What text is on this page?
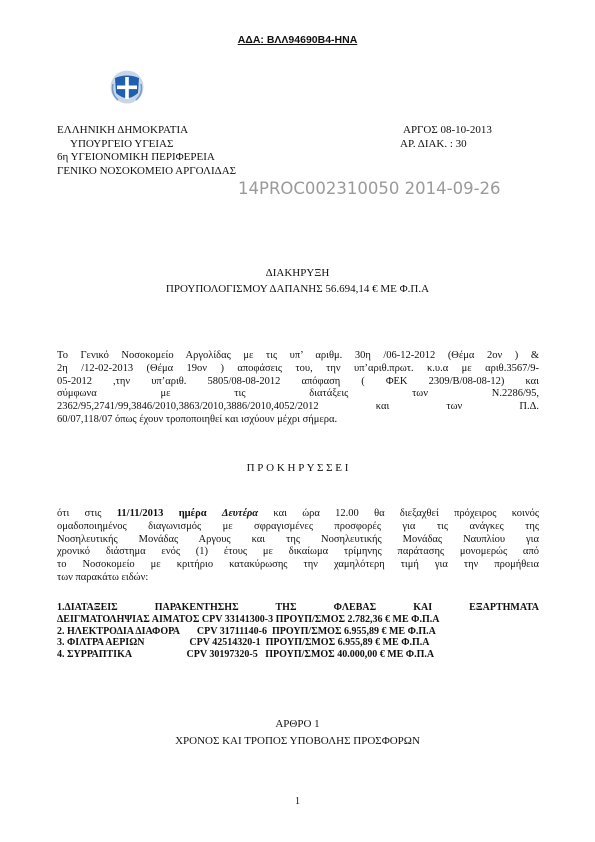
ΑΔΑ: ΒΛΛ94690Β4-ΗΝΑ
ΕΛΛΗΝΙΚΗ ΔΗΜΟΚΡΑΤΙΑ
ΥΠΟΥΡΓΕΙΟ ΥΓΕΙΑΣ
6η ΥΓΕΙΟΝΟΜΙΚΗ ΠΕΡΙΦΕΡΕΙΑ
ΓΕΝΙΚΟ ΝΟΣΟΚΟΜΕΙΟ ΑΡΓΟΛΙΔΑΣ
ΑΡΓΟΣ 08-10-2013
ΑΡ. ΔΙΑΚ. : 30
14PROC002310050 2014-09-26
ΔΙΑΚΗΡΥΞΗ
ΠΡΟΥΠΟΛΟΓΙΣΜΟΥ ΔΑΠΑΝΗΣ 56.694,14 € ΜΕ Φ.Π.Α
Το Γενικό Νοσοκομείο Αργολίδας με τις υπ’ αριθμ. 30η /06-12-2012 (Θέμα 2ον ) &
2η /12-02-2013 (Θέμα 19ον ) αποφάσεις του, την υπ’αριθ.πρωτ. κ.υ.α με αριθ.3567/9-
05-2012 ,την υπ’αριθ. 5805/08-08-2012 απόφαση ( ΦΕΚ 2309/Β/08-08-12) και
σύμφωνα με τις διατάξεις των Ν.2286/95,
2362/95,2741/99,3846/2010,3863/2010,3886/2010,4052/2012 και των Π.Δ.
60/07,118/07 όπως έχουν τροποποιηθεί και ισχύουν μέχρι σήμερα.
Π Ρ Ο Κ Η Ρ Υ Σ Σ Ε Ι
ότι στις 11/11/2013 ημέρα Δευτέρα και ώρα 12.00 θα διεξαχθεί πρόχειρος κοινός
ομαδοποιημένος διαγωνισμός με σφραγισμένες προσφορές για τις ανάγκες της
Νοσηλευτικής Μονάδας Αργους και της Νοσηλευτικής Μονάδας Ναυπλίου για
χρονικό διάστημα ενός (1) έτους με δικαίωμα τρίμηνης παράτασης μονομερώς από
το Νοσοκομείο με κριτήριο κατακύρωσης την χαμηλότερη τιμή για την προμήθεια
των παρακάτω ειδών:
1.ΔΙΑΤΑΞΕΙΣ ΠΑΡΑΚΕΝΤΗΣΗΣ ΤΗΣ ΦΛΕΒΑΣ ΚΑΙ ΕΞΑΡΤΗΜΑΤΑ
ΔΕΙΓΜΑΤΟΛΗΨΙΑΣ ΑΙΜΑΤΟΣ CPV 33141300-3 ΠΡΟΥΠ/ΣΜΟΣ 2.782,36 € ΜΕ Φ.Π.Α
2. ΗΛΕΚΤΡΟΔΙΑ ΔΙΑΦΟΡΑ       CPV 31711140-6  ΠΡΟΥΠ/ΣΜΟΣ 6.955,89 € ΜΕ Φ.Π.Α
3. ΦΙΛΤΡΑ ΑΕΡΙΩΝ                  CPV 42514320-1  ΠΡΟΥΠ/ΣΜΟΣ 6.955,89 € ΜΕ Φ.Π.Α
4. ΣΥΡΡΑΠΤΙΚΑ                      CPV 30197320-5   ΠΡΟΥΠ/ΣΜΟΣ 40.000,00 € ΜΕ Φ.Π.Α
ΑΡΘΡΟ 1
ΧΡΟΝΟΣ ΚΑΙ ΤΡΟΠΟΣ ΥΠΟΒΟΛΗΣ ΠΡΟΣΦΟΡΩΝ
1
